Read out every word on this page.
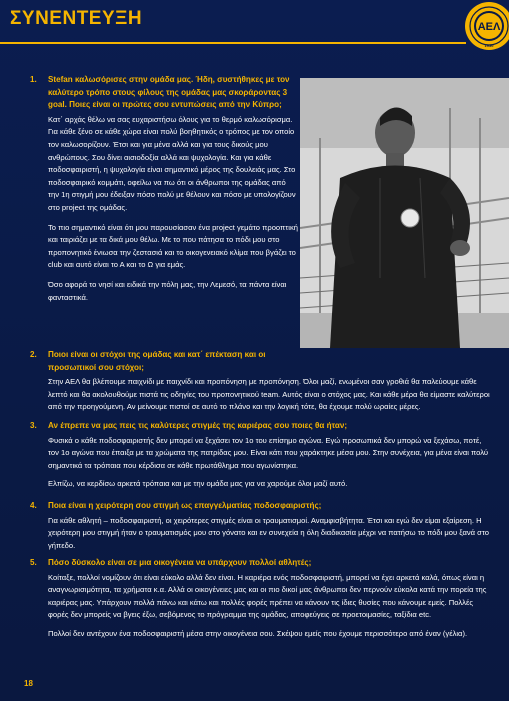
ΣΥΝΕΝΤΕΥΞΗ	ΑΕΛ
1930
1.	Stefan καλωσόρισες στην ομάδα μας. Ήδη, συστήθηκες με τον καλύτερο τρόπο στους φίλους της ομάδας μας σκοράροντας 3 goal. Ποιες είναι οι πρώτες σου εντυπώσεις από την Κύπρο;

Κατ΄ αρχάς θέλω να σας ευχαριστήσω όλους για το θερμό καλωσόρισμα. Για κάθε ξένο σε κάθε χώρα είναι πολύ βοηθητικός ο τρόπος με τον οποίο τον καλωσορίζουν. Έτσι και για μένα αλλά και για τους δικούς μου ανθρώπους. Σου δίνει αισιοδοξία αλλά και ψυχολογία. Και για κάθε ποδοσφαιριστή, η ψυχολογία είναι σημαντικό μέρος της δουλειάς μας. Στο ποδοσφαιρικό κομμάτι, οφείλω να πω ότι οι άνθρωποι της ομάδας από την 1η στιγμή μου έδειξαν πόσο πολύ με θέλουν και πόσο με υπολογίζουν στο project της ομάδας.

Το πιο σημαντικό είναι ότι μου παρουσίασαν ένα project γεμάτο προοπτική και ταιριάζει με τα δικά μου θέλω. Με το που πάτησα το πόδι μου στο προπονητικό ένιωσα την ζεστασιά και το οικογενειακό κλίμα που βγάζει το club και αυτό είναι το Α και το Ω για εμάς.

Όσο αφορά το νησί και ειδικά την πόλη μας, την Λεμεσό, τα πάντα είναι φανταστικά.

2.	Ποιοι είναι οι στόχοι της ομάδας και κατ΄ επέκταση και οι προσωπικοί σου στόχοι;

Στην ΑΕΛ θα βλέπουμε παιχνίδι με παιχνίδι και προπόνηση με προπόνηση. Όλοι μαζί, ενωμένοι σαν γροθιά θα παλεύουμε κάθε λεπτό και θα ακολουθούμε πιστά τις οδηγίες του προπονητικού team. Αυτός είναι ο στόχος μας. Και κάθε μέρα θα είμαστε καλύτεροι από την προηγούμενη. Αν μείνουμε πιστοί σε αυτό το πλάνο και την λογική τότε, θα έχουμε πολύ ωραίες μέρες.

3.	Αν έπρεπε να μας πεις τις καλύτερες στιγμές της καριέρας σου ποιες θα ήταν;

Φυσικά ο κάθε ποδοσφαιριστής δεν μπορεί να ξεχάσει τον 1ο του επίσημο αγώνα. Εγώ προσωπικά δεν μπορώ να ξεχάσω, πoτέ, τον 1ο αγώνα που έπαιξα με τα χρώματα της πατρίδας μου. Είναι κάτι που χαράκτηκε μέσα μου. Στην συνέχεια, για μένα είναι πολύ σημαντικά τα τρόπαια που κέρδισα σε κάθε πρωτάθλημα που αγωνίστηκα.

Ελπίζω, να κερδίσω αρκετά τρόπαια και με την ομάδα μας για να χαρούμε όλοι μαζί αυτό.

4.	Ποια είναι η χειρότερη σου στιγμή ως επαγγελματίας ποδοσφαιριστής;

Για κάθε αθλητή – ποδοσφαιριστή, οι χειρότερες στιγμές είναι οι τραυματισμοί. Αναμφισβήτητα. Έτσι και εγώ δεν είμαι εξαίρεση. Η χειρότερη μου στιγμή ήταν ο τραυματισμός μου στο γόνατο και εν συνεχεία η όλη διαδικασία μέχρι να πατήσω το πόδι μου ξανά στο γήπεδο.

5.	Πόσο δύσκολο είναι σε μια οικογένεια να υπάρχουν πολλοί αθλητές;

Κοίταξε, πολλοί νομίζουν ότι είναι εύκολο αλλά δεν είναι. Η καριέρα ενός ποδοσφαιριστή, μπορεί να έχει αρκετά καλά, όπως είναι η αναγνωρισιμότητα, τα χρήματα κ.α. Αλλά οι οικογένειες μας και οι πιο δικοί μας άνθρωποι δεν περνούν εύκολα κατά την πορεία της καριέρας μας. Υπάρχουν πολλά πάνω και κάτω και πολλές φορές πρέπει να κάνουν τις ίδιες θυσίες που κάνουμε εμείς. Πολλές φορές δεν μπορείς να βγεις έξω, σεβόμενος το πρόγραμμα της ομάδας, αποφεύγεις σε προετοιμασίες, ταξίδια etc.

Πολλοί δεν αντέχουν ένα ποδοσφαιριστή μέσα στην οικογένεια σου. Σκέψου εμείς που έχουμε περισσότερο από έναν (γέλια).

18
